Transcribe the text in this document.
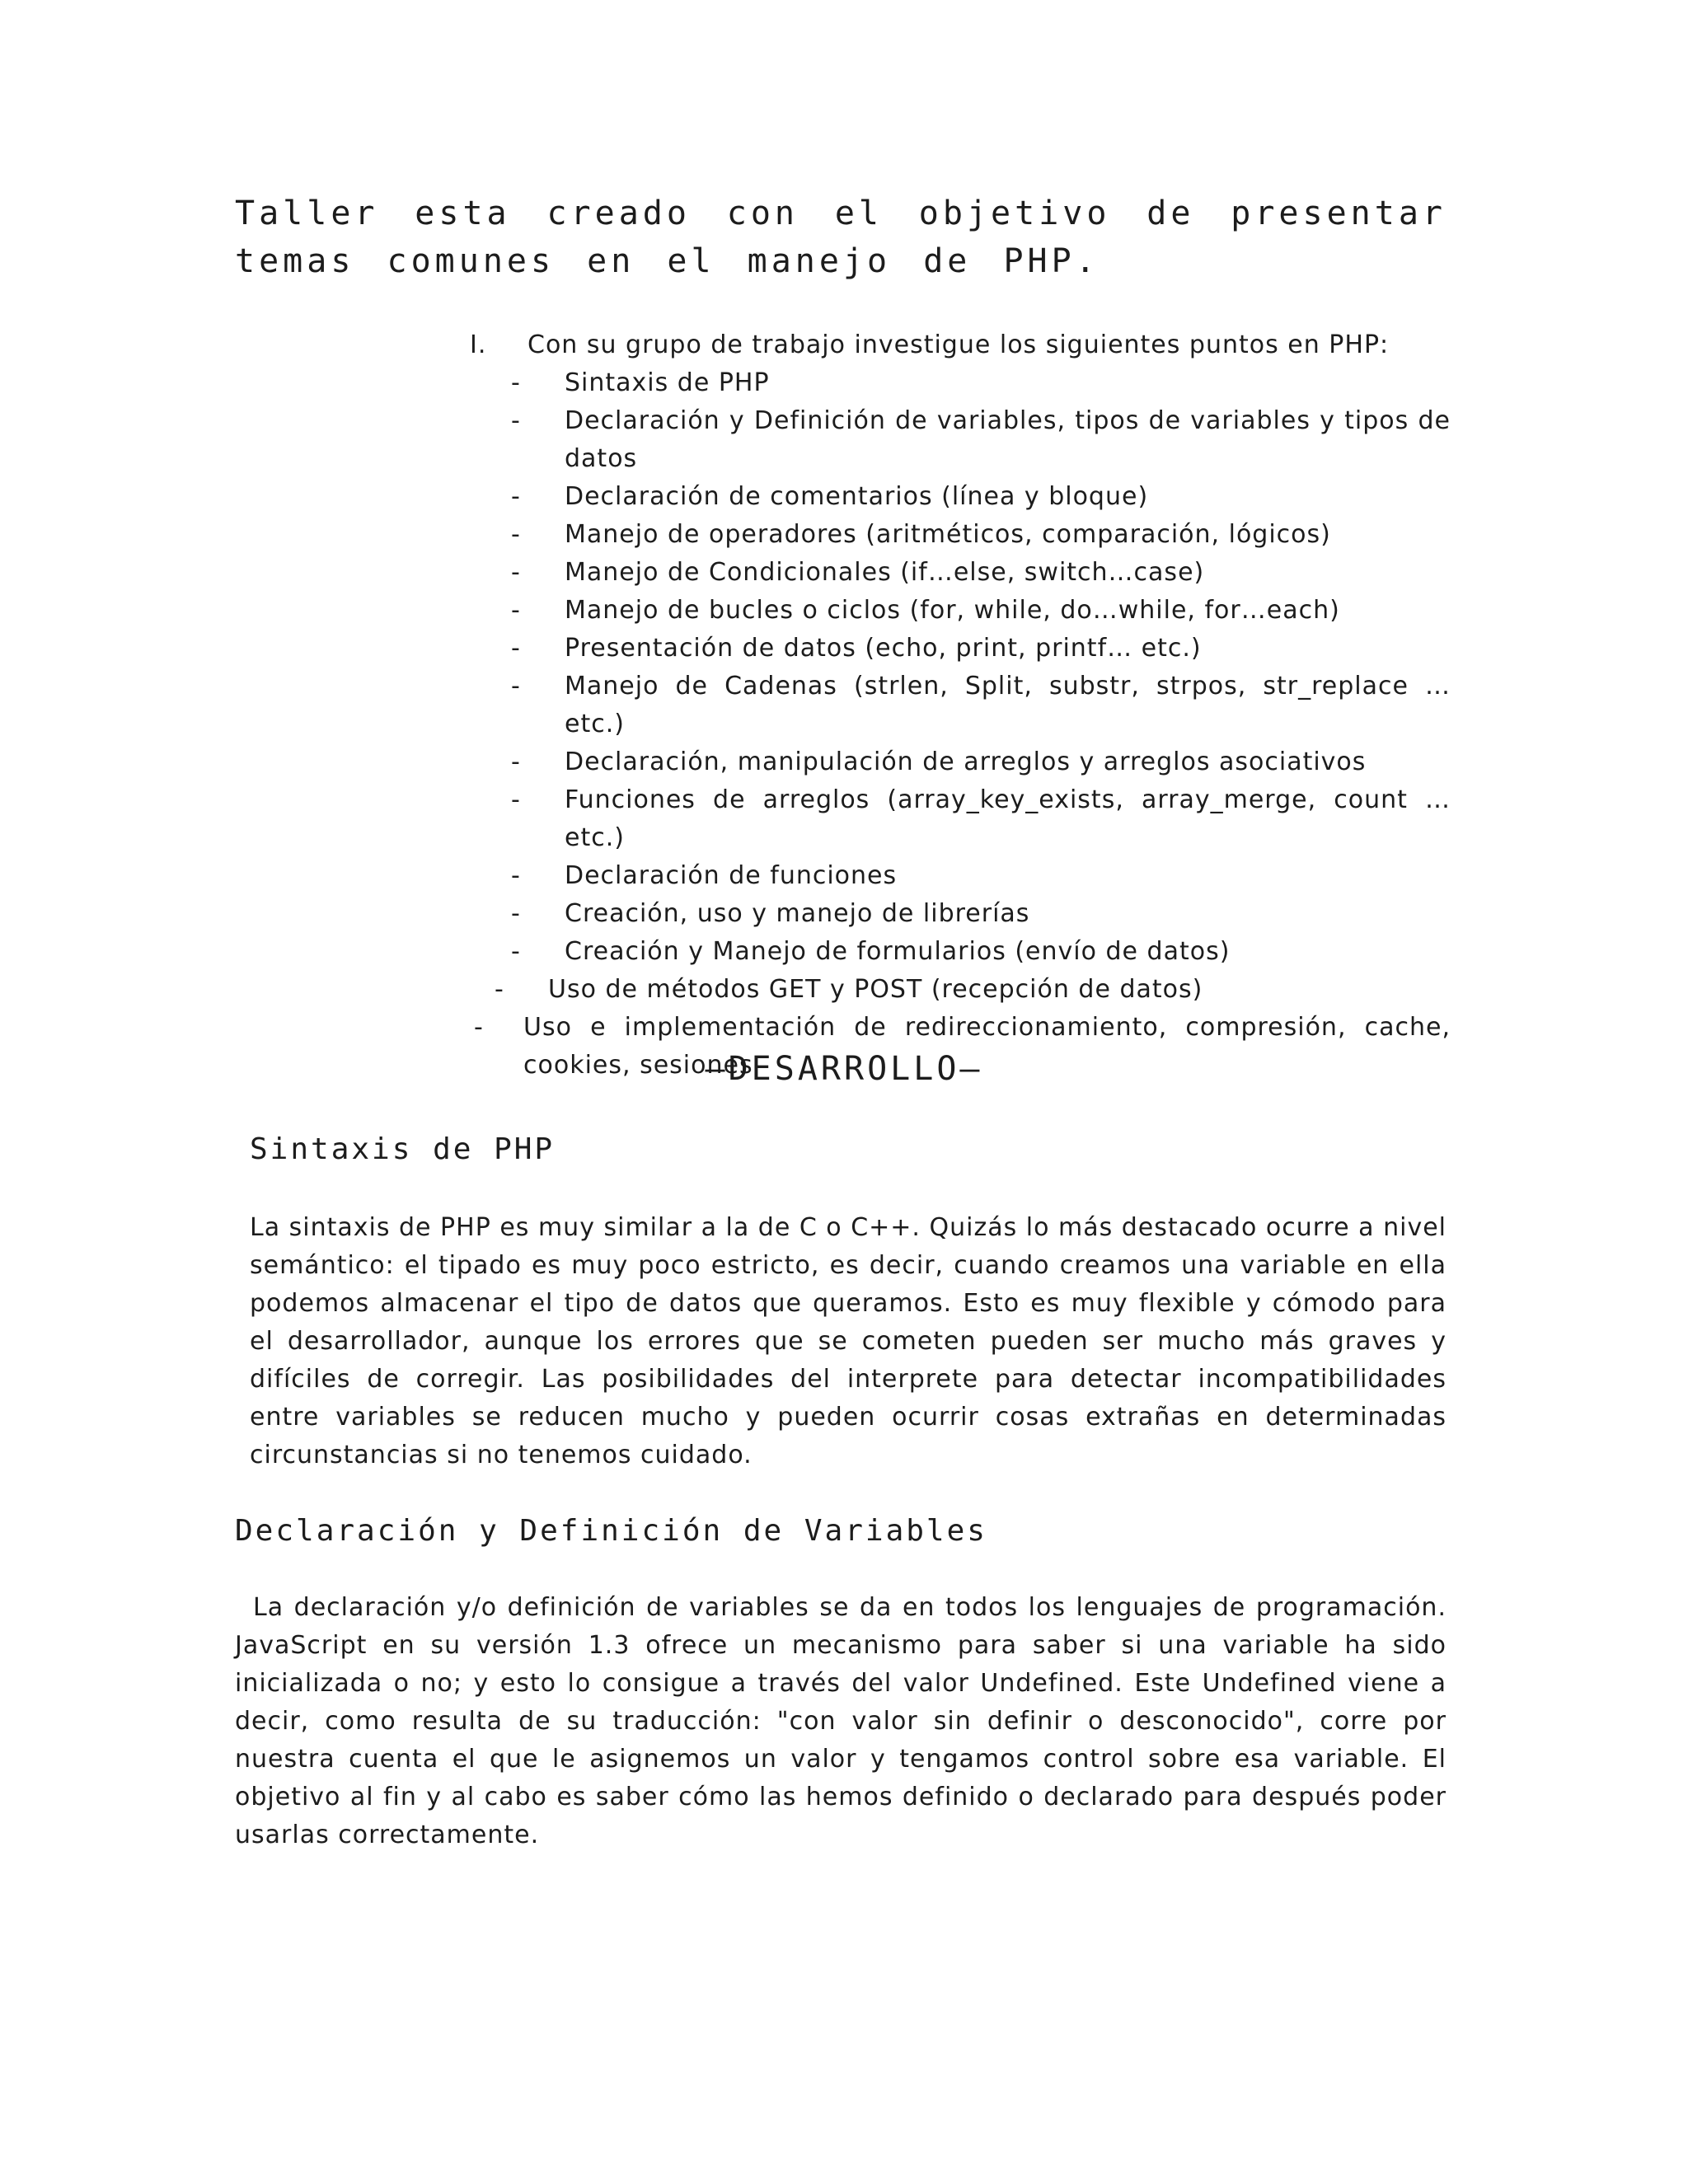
Taller esta creado con el objetivo de presentar temas comunes en el manejo de PHP.
I.	Con su grupo de trabajo investigue los siguientes puntos en PHP:
-	Sintaxis de PHP
-	Declaración y Definición de variables, tipos de variables y tipos de datos
-	Declaración de comentarios (línea y bloque)
-	Manejo de operadores (aritméticos, comparación, lógicos)
-	Manejo de Condicionales (if…else, switch…case)
-	Manejo de bucles o ciclos (for, while, do…while, for…each)
-	Presentación de datos (echo, print, printf… etc.)
-	Manejo de Cadenas (strlen, Split, substr, strpos, str_replace … etc.)
-	Declaración, manipulación de arreglos y arreglos asociativos
-	Funciones de arreglos (array_key_exists, array_merge, count … etc.)
-	Declaración de funciones
-	Creación, uso y manejo de librerías
-	Creación y Manejo de formularios (envío de datos)
-	Uso de métodos GET y POST (recepción de datos)
-	Uso e implementación de redireccionamiento, compresión, cache, cookies, sesiones
—DESARROLLO—
Sintaxis de PHP

La sintaxis de PHP es muy similar a la de C o C++. Quizás lo más destacado ocurre a nivel semántico: el tipado es muy poco estricto, es decir, cuando creamos una variable en ella podemos almacenar el tipo de datos que queramos. Esto es muy flexible y cómodo para el desarrollador, aunque los errores que se cometen pueden ser mucho más graves y difíciles de corregir. Las posibilidades del interprete para detectar incompatibilidades entre variables se reducen mucho y pueden ocurrir cosas extrañas en determinadas circunstancias si no tenemos cuidado.

Declaración y Definición de Variables

La declaración y/o definición de variables se da en todos los lenguajes de programación. JavaScript en su versión 1.3 ofrece un mecanismo para saber si una variable ha sido inicializada o no; y esto lo consigue a través del valor Undefined. Este Undefined viene a decir, como resulta de su traducción: "con valor sin definir o desconocido", corre por nuestra cuenta el que le asignemos un valor y tengamos control sobre esa variable. El objetivo al fin y al cabo es saber cómo las hemos definido o declarado para después poder usarlas correctamente.
